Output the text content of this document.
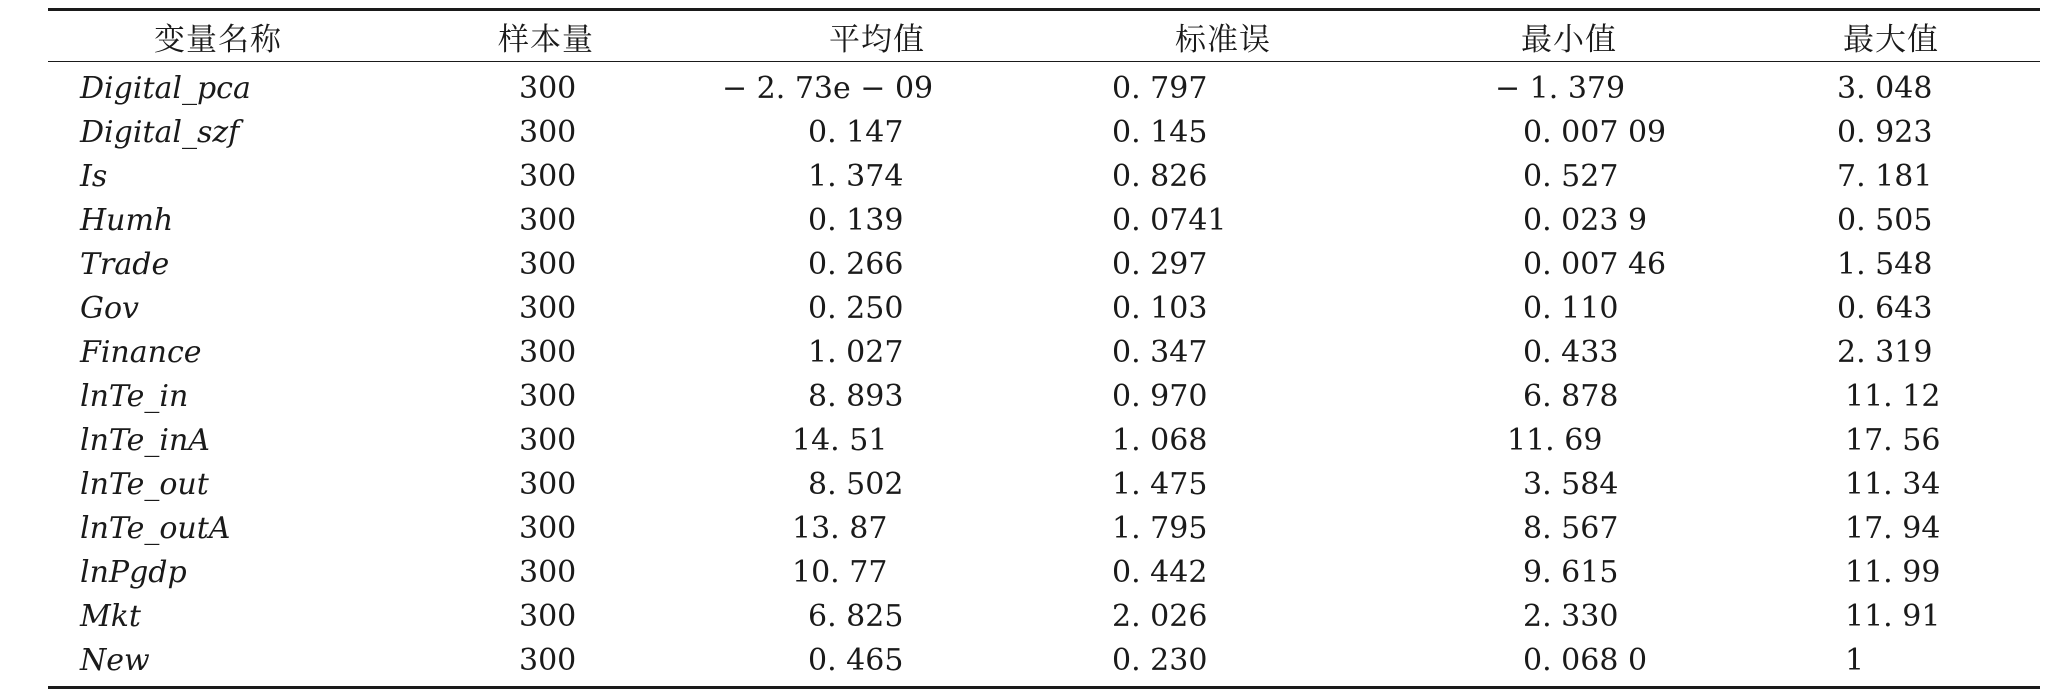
变量名称	样本量	平均值	标准误	最小值	最大值
Digital_pca	300	− 2. 73e − 09	0. 797	− 1. 379	3. 048
Digital_szf	300	0. 147	0. 145	0. 007 09	0. 923
Is	300	1. 374	0. 826	0. 527	7. 181
Humh	300	0. 139	0. 0741	0. 023 9	0. 505
Trade	300	0. 266	0. 297	0. 007 46	1. 548
Gov	300	0. 250	0. 103	0. 110	0. 643
Finance	300	1. 027	0. 347	0. 433	2. 319
lnTe_in	300	8. 893	0. 970	6. 878	11. 12
lnTe_inA	300	14. 51	1. 068	11. 69	17. 56
lnTe_out	300	8. 502	1. 475	3. 584	11. 34
lnTe_outA	300	13. 87	1. 795	8. 567	17. 94
lnPgdp	300	10. 77	0. 442	9. 615	11. 99
Mkt	300	6. 825	2. 026	2. 330	11. 91
New	300	0. 465	0. 230	0. 068 0	1
